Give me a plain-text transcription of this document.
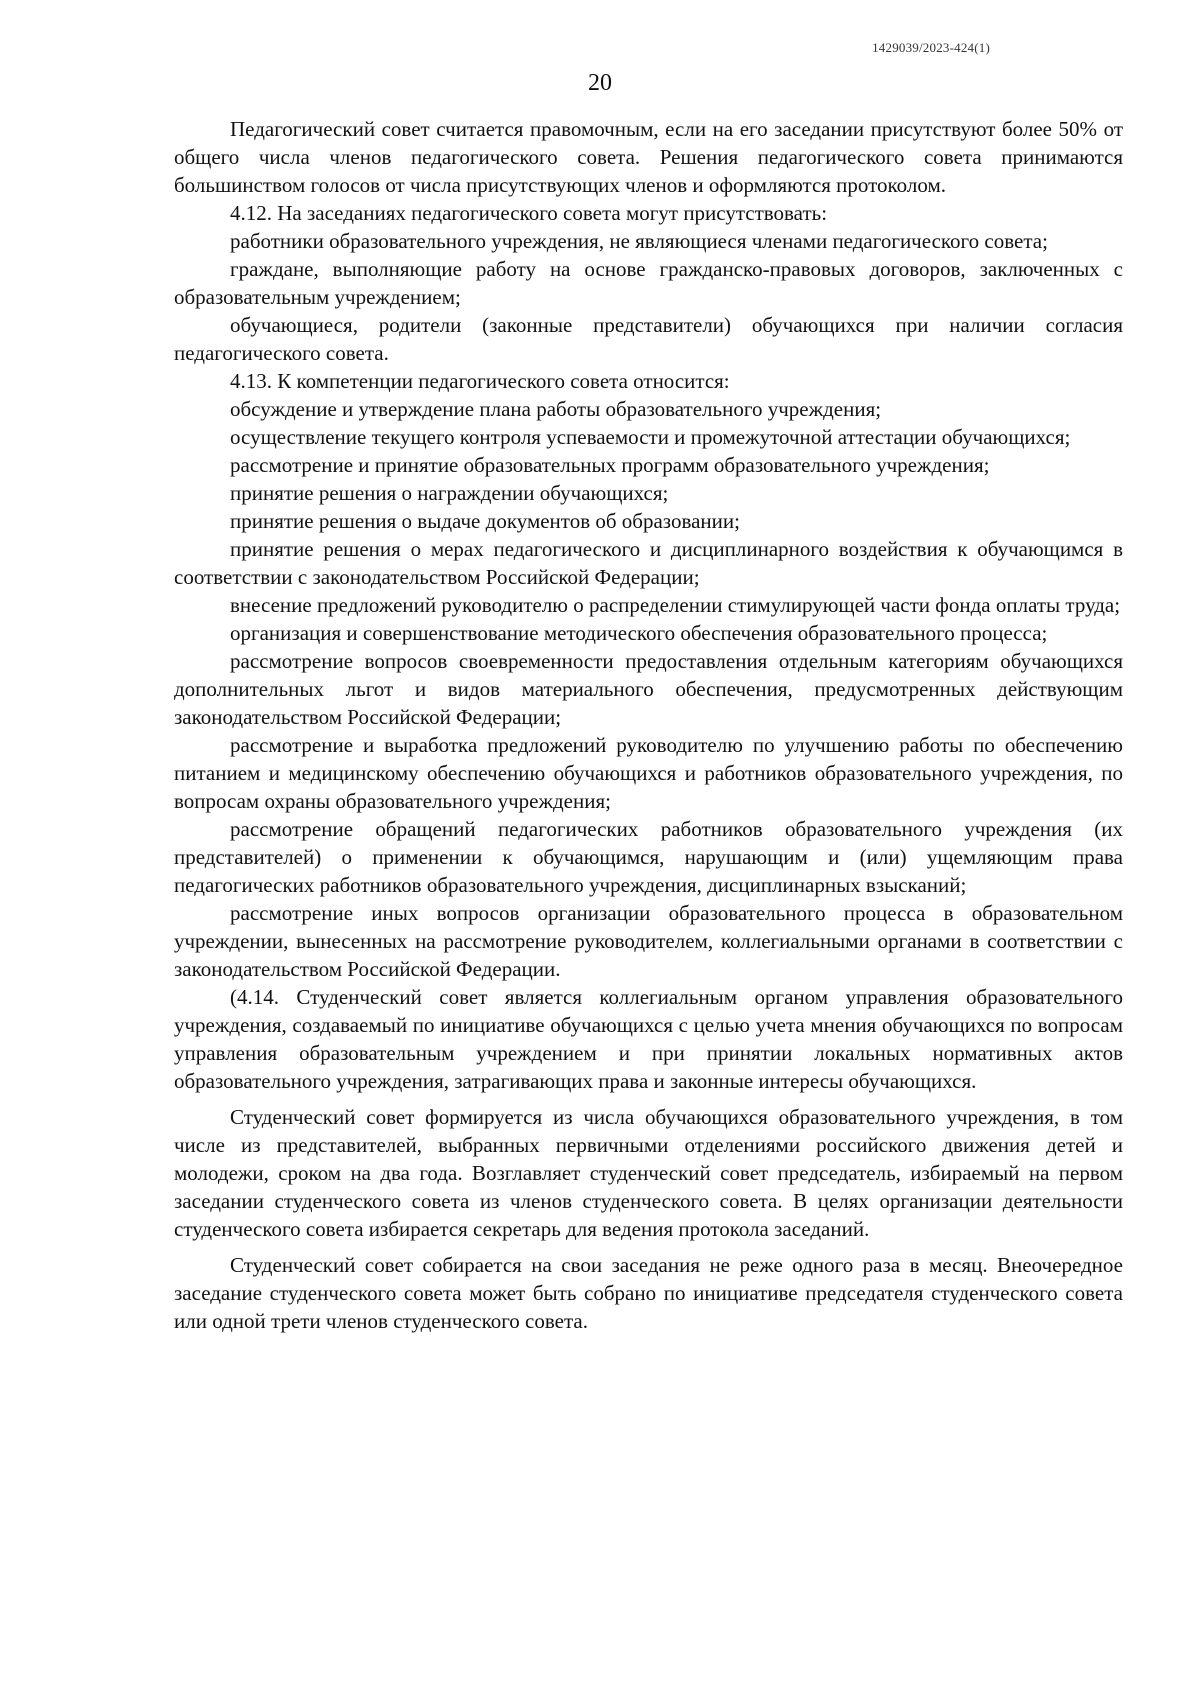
1429039/2023-424(1)
20

Педагогический совет считается правомочным, если на его заседании присутствуют более 50% от общего числа членов педагогического совета. Решения педагогического совета принимаются большинством голосов от числа присутствующих членов и оформляются протоколом.

4.12. На заседаниях педагогического совета могут присутствовать:

работники образовательного учреждения, не являющиеся членами педагогического совета;

граждане, выполняющие работу на основе гражданско-правовых договоров, заключенных с образовательным учреждением;

обучающиеся, родители (законные представители) обучающихся при наличии согласия педагогического совета.

4.13. К компетенции педагогического совета относится:

обсуждение и утверждение плана работы образовательного учреждения;

осуществление текущего контроля успеваемости и промежуточной аттестации обучающихся;

рассмотрение и принятие образовательных программ образовательного учреждения;

принятие решения о награждении обучающихся;

принятие решения о выдаче документов об образовании;

принятие решения о мерах педагогического и дисциплинарного воздействия к обучающимся в соответствии с законодательством Российской Федерации;

внесение предложений руководителю о распределении стимулирующей части фонда оплаты труда;

организация и совершенствование методического обеспечения образовательного процесса;

рассмотрение вопросов своевременности предоставления отдельным категориям обучающихся дополнительных льгот и видов материального обеспечения, предусмотренных действующим законодательством Российской Федерации;

рассмотрение и выработка предложений руководителю по улучшению работы по обеспечению питанием и медицинскому обеспечению обучающихся и работников образовательного учреждения, по вопросам охраны образовательного учреждения;

рассмотрение обращений педагогических работников образовательного учреждения (их представителей) о применении к обучающимся, нарушающим и (или) ущемляющим права педагогических работников образовательного учреждения, дисциплинарных взысканий;

рассмотрение иных вопросов организации образовательного процесса в образовательном учреждении, вынесенных на рассмотрение руководителем, коллегиальными органами в соответствии с законодательством Российской Федерации.

(4.14. Студенческий совет является коллегиальным органом управления образовательного учреждения, создаваемый по инициативе обучающихся с целью учета мнения обучающихся по вопросам управления образовательным учреждением и при принятии локальных нормативных актов образовательного учреждения, затрагивающих права и законные интересы обучающихся.

Студенческий совет формируется из числа обучающихся образовательного учреждения, в том числе из представителей, выбранных первичными отделениями российского движения детей и молодежи, сроком на два года. Возглавляет студенческий совет председатель, избираемый на первом заседании студенческого совета из членов студенческого совета. В целях организации деятельности студенческого совета избирается секретарь для ведения протокола заседаний.

Студенческий совет собирается на свои заседания не реже одного раза в месяц. Внеочередное заседание студенческого совета может быть собрано по инициативе председателя студенческого совета или одной трети членов студенческого совета.
